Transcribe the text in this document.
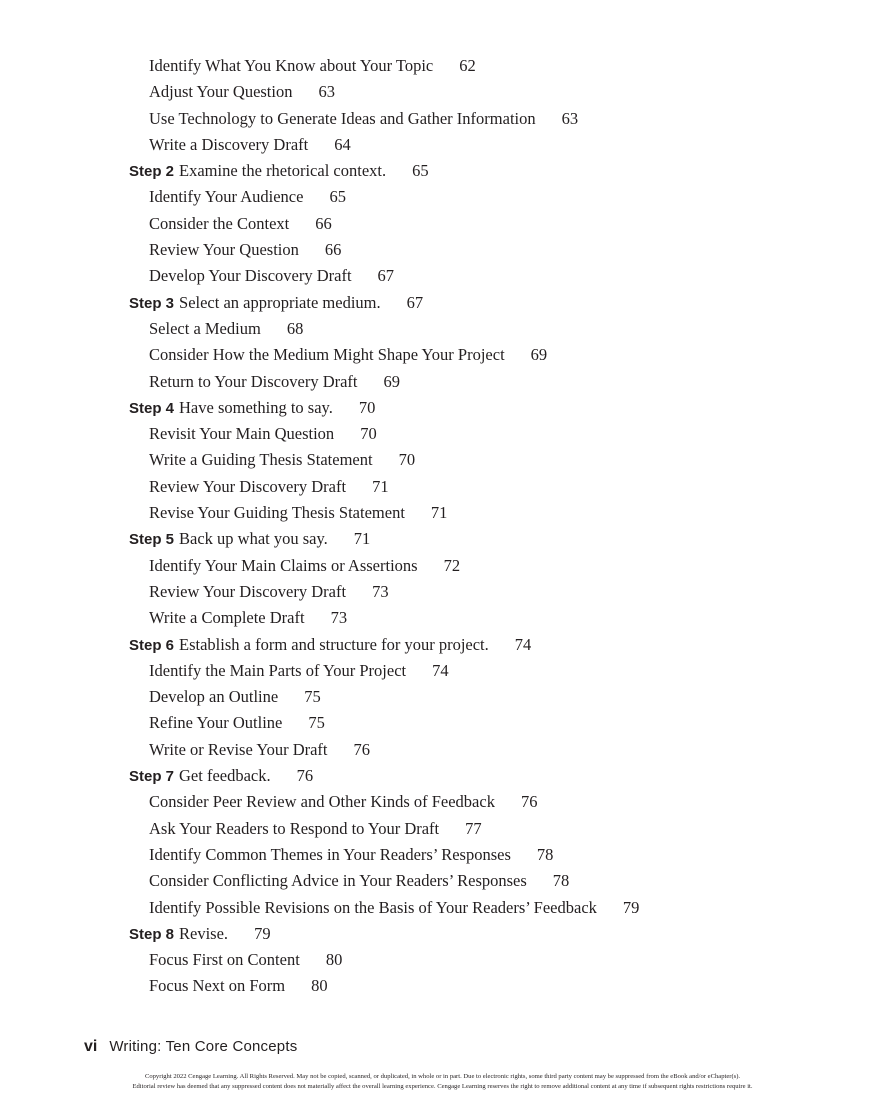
Identify What You Know about Your Topic 62
Adjust Your Question 63
Use Technology to Generate Ideas and Gather Information 63
Write a Discovery Draft 64
Step 2 Examine the rhetorical context. 65
Identify Your Audience 65
Consider the Context 66
Review Your Question 66
Develop Your Discovery Draft 67
Step 3 Select an appropriate medium. 67
Select a Medium 68
Consider How the Medium Might Shape Your Project 69
Return to Your Discovery Draft 69
Step 4 Have something to say. 70
Revisit Your Main Question 70
Write a Guiding Thesis Statement 70
Review Your Discovery Draft 71
Revise Your Guiding Thesis Statement 71
Step 5 Back up what you say. 71
Identify Your Main Claims or Assertions 72
Review Your Discovery Draft 73
Write a Complete Draft 73
Step 6 Establish a form and structure for your project. 74
Identify the Main Parts of Your Project 74
Develop an Outline 75
Refine Your Outline 75
Write or Revise Your Draft 76
Step 7 Get feedback. 76
Consider Peer Review and Other Kinds of Feedback 76
Ask Your Readers to Respond to Your Draft 77
Identify Common Themes in Your Readers’ Responses 78
Consider Conflicting Advice in Your Readers’ Responses 78
Identify Possible Revisions on the Basis of Your Readers’ Feedback 79
Step 8 Revise. 79
Focus First on Content 80
Focus Next on Form 80
vi Writing: Ten Core Concepts
Copyright 2022 Cengage Learning. All Rights Reserved. May not be copied, scanned, or duplicated, in whole or in part. Due to electronic rights, some third party content may be suppressed from the eBook and/or eChapter(s).
Editorial review has deemed that any suppressed content does not materially affect the overall learning experience. Cengage Learning reserves the right to remove additional content at any time if subsequent rights restrictions require it.
